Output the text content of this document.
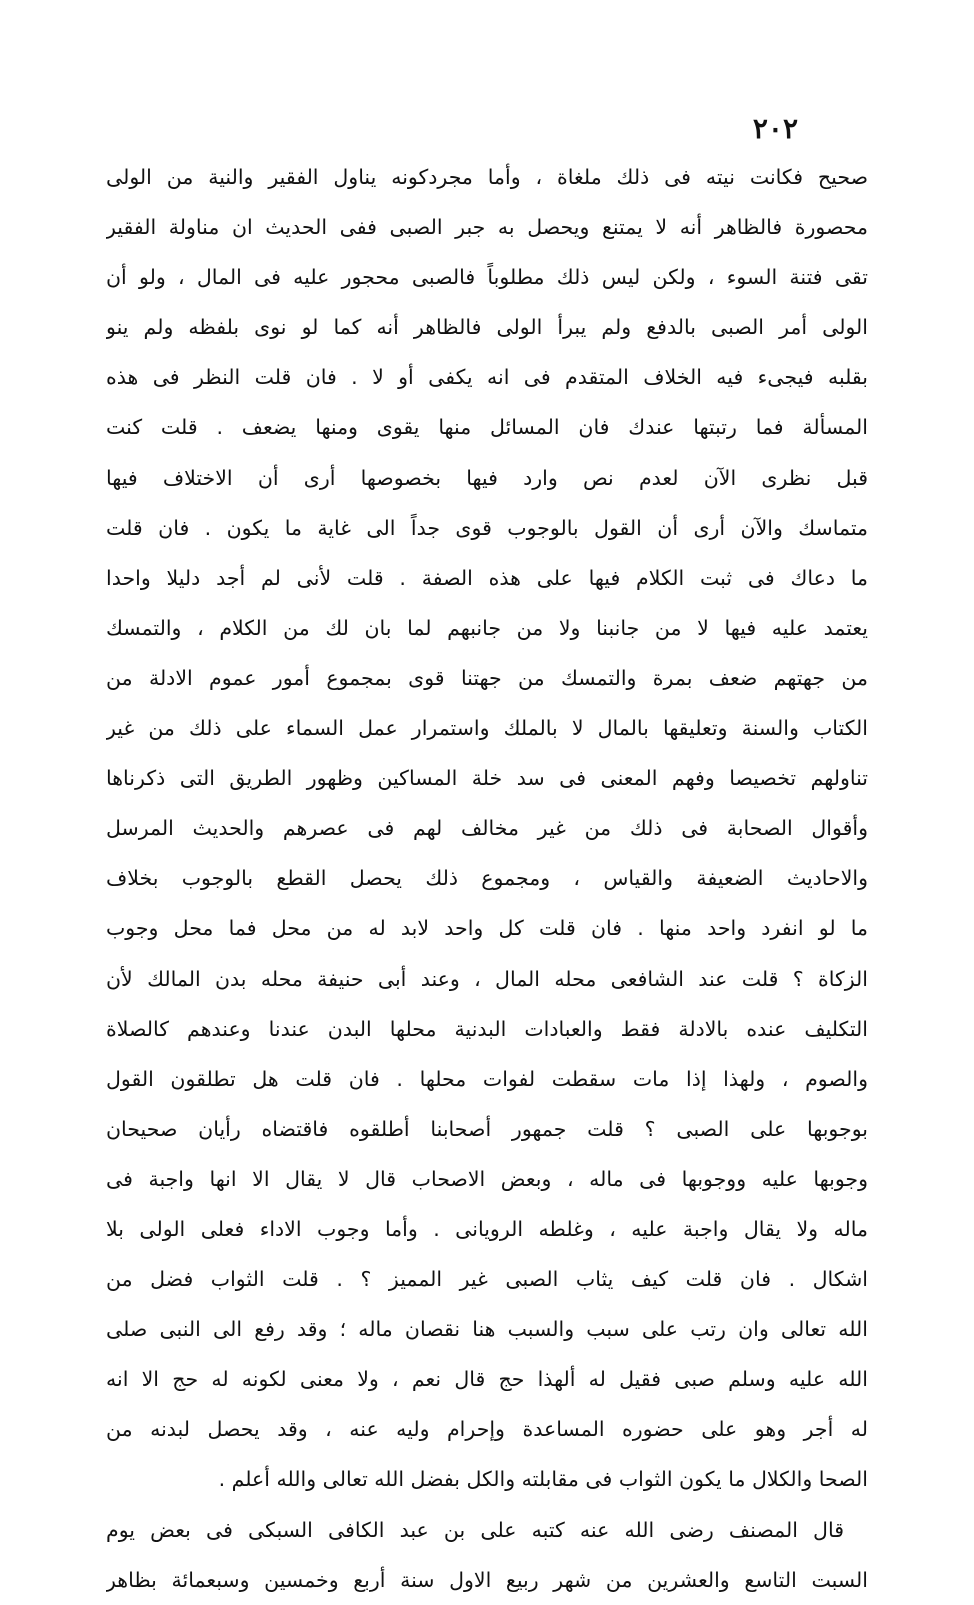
٢٠٢
صحيح فكانت نيته فى ذلك ملغاة ، وأما مجردكونه يناول الفقير والنية من الولى
محصورة فالظاهر أنه لا يمتنع ويحصل به جبر الصبى ففى الحديث ان مناولة الفقير
تقى فتنة السوء ، ولكن ليس ذلك مطلوباً فالصبى محجور عليه فى المال ، ولو أن
الولى أمر الصبى بالدفع ولم يبرأ الولى فالظاهر أنه كما لو نوى بلفظه ولم ينو
بقلبه فيجىء فيه الخلاف المتقدم فى انه يكفى أو لا . فان قلت النظر فى هذه
المسألة فما رتبتها عندك فان المسائل منها يقوى ومنها يضعف . قلت كنت
قبل نظرى الآن لعدم نص وارد فيها بخصوصها أرى أن الاختلاف فيها
متماسك والآن أرى أن القول بالوجوب قوى جداً الى غاية ما يكون . فان قلت
ما دعاك فى ثبت الكلام فيها على هذه الصفة . قلت لأنى لم أجد دليلا واحدا
يعتمد عليه فيها لا من جانبنا ولا من جانبهم لما بان لك من الكلام ، والتمسك
من جهتهم ضعف بمرة والتمسك من جهتنا قوى بمجموع أمور عموم الادلة من
الكتاب والسنة وتعليقها بالمال لا بالملك واستمرار عمل السماء على ذلك من غير
تناولهم تخصيصا وفهم المعنى فى سد خلة المساكين وظهور الطريق التى ذكرناها
وأقوال الصحابة فى ذلك من غير مخالف لهم فى عصرهم والحديث المرسل
والاحاديث الضعيفة والقياس ، ومجموع ذلك يحصل القطع بالوجوب بخلاف
ما لو انفرد واحد منها . فان قلت كل واحد لابد له من محل فما محل وجوب
الزكاة ؟ قلت عند الشافعى محله المال ، وعند أبى حنيفة محله بدن المالك لأن
التكليف عنده بالادلة فقط والعبادات البدنية محلها البدن عندنا وعندهم كالصلاة
والصوم ، ولهذا إذا مات سقطت لفوات محلها . فان قلت هل تطلقون القول
بوجوبها على الصبى ؟ قلت جمهور أصحابنا أطلقوه فاقتضاه رأيان صحيحان
وجوبها عليه ووجوبها فى ماله ، وبعض الاصحاب قال لا يقال الا انها واجبة فى
ماله ولا يقال واجبة عليه ، وغلطه الرويانى . وأما وجوب الاداء فعلى الولى بلا
اشكال . فان قلت كيف يثاب الصبى غير المميز ؟ . قلت الثواب فضل من
الله تعالى وان رتب على سبب والسبب هنا نقصان ماله ؛ وقد رفع الى النبى صلى
الله عليه وسلم صبى فقيل له ألهذا حج قال نعم ، ولا معنى لكونه له حج الا انه
له أجر وهو على حضوره المساعدة وإحرام وليه عنه ، وقد يحصل لبدنه من
الصحا والكلال ما يكون الثواب فى مقابلته والكل بفضل الله تعالى والله أعلم .
قال المصنف رضى الله عنه كتبه على بن عبد الكافى السبكى فى بعض يوم
السبت التاسع والعشرين من شهر ربيع الاول سنة أربع وخمسين وسبعمائة بظاهر
